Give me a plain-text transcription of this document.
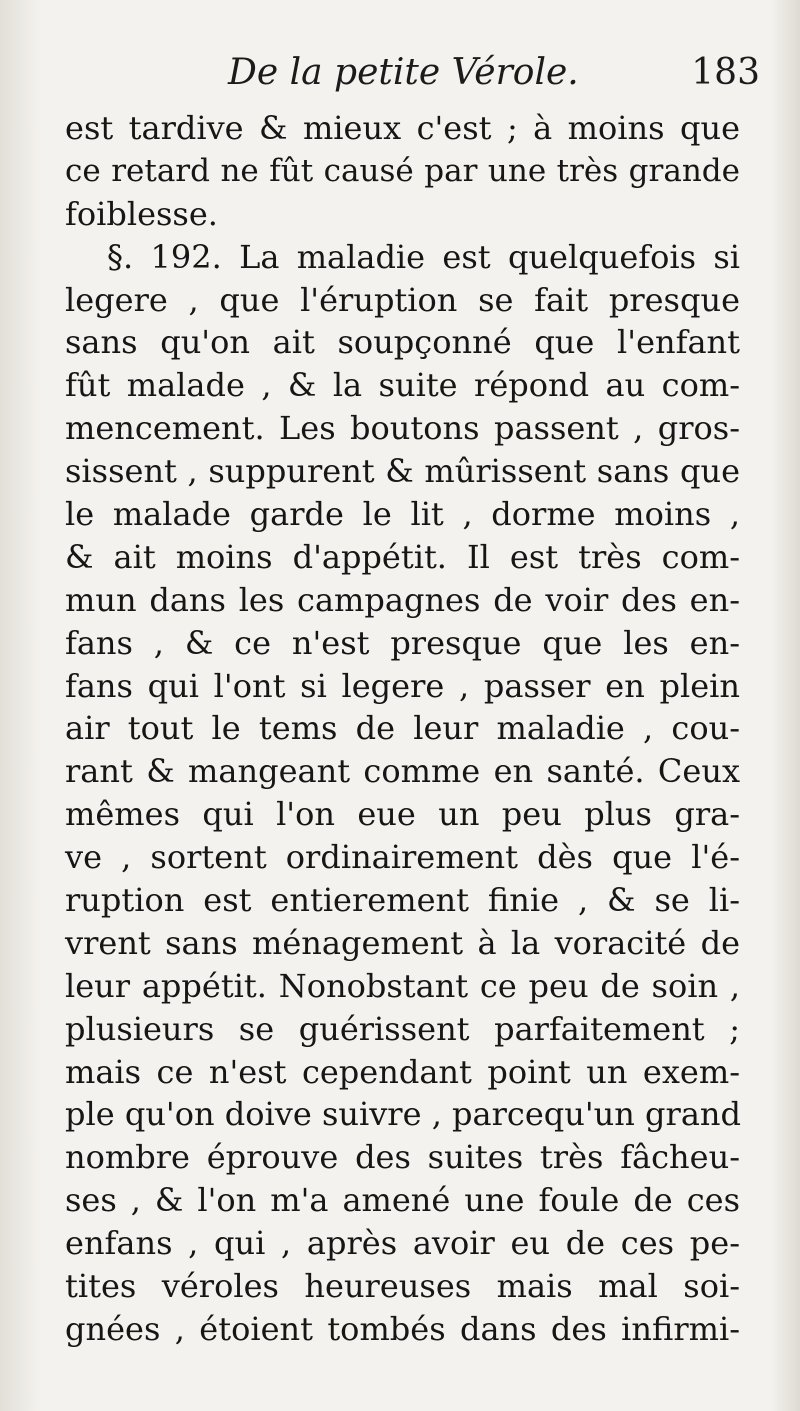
De la petite Vérole.	183
est tardive & mieux c'est ; à moins que
ce retard ne fût causé par une très grande
foiblesse.
§. 192. La maladie est quelquefois si
legere , que l'éruption se fait presque
sans qu'on ait soupçonné que l'enfant
fût malade , & la suite répond au com-
mencement. Les boutons passent , gros-
sissent , suppurent & mûrissent sans que
le malade garde le lit , dorme moins ,
& ait moins d'appétit. Il est très com-
mun dans les campagnes de voir des en-
fans , & ce n'est presque que les en-
fans qui l'ont si legere , passer en plein
air tout le tems de leur maladie , cou-
rant & mangeant comme en santé. Ceux
mêmes qui l'on eue un peu plus gra-
ve , sortent ordinairement dès que l'é-
ruption est entierement finie , & se li-
vrent sans ménagement à la voracité de
leur appétit. Nonobstant ce peu de soin ,
plusieurs se guérissent parfaitement ;
mais ce n'est cependant point un exem-
ple qu'on doive suivre , parcequ'un grand
nombre éprouve des suites très fâcheu-
ses , & l'on m'a amené une foule de ces
enfans , qui , après avoir eu de ces pe-
tites véroles heureuses mais mal soi-
gnées , étoient tombés dans des infirmi-
